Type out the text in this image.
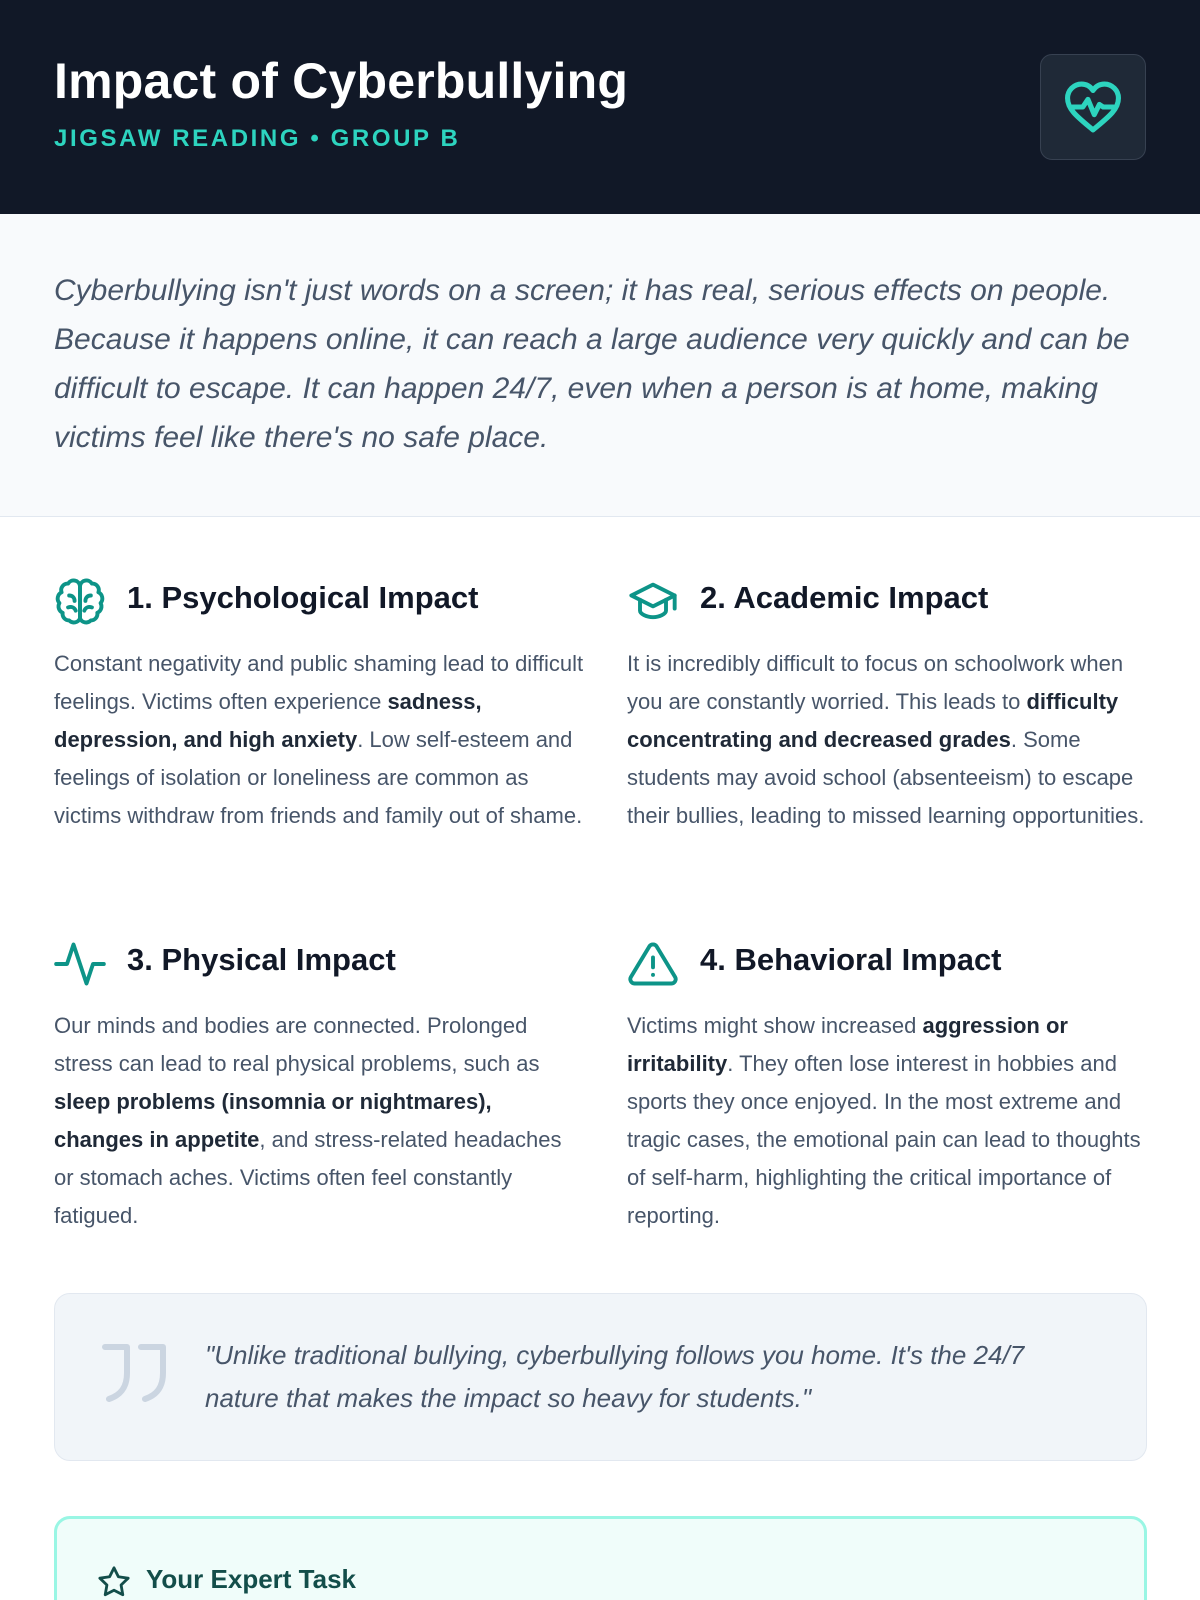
Impact of Cyberbullying
JIGSAW READING • GROUP B

Cyberbullying isn't just words on a screen; it has real, serious effects on people. Because it happens online, it can reach a large audience very quickly and can be difficult to escape. It can happen 24/7, even when a person is at home, making victims feel like there's no safe place.

1. Psychological Impact
Constant negativity and public shaming lead to difficult feelings. Victims often experience sadness, depression, and high anxiety. Low self-esteem and feelings of isolation or loneliness are common as victims withdraw from friends and family out of shame.
2. Academic Impact
It is incredibly difficult to focus on schoolwork when you are constantly worried. This leads to difficulty concentrating and decreased grades. Some students may avoid school (absenteeism) to escape their bullies, leading to missed learning opportunities.
3. Physical Impact
Our minds and bodies are connected. Prolonged stress can lead to real physical problems, such as sleep problems (insomnia or nightmares), changes in appetite, and stress-related headaches or stomach aches. Victims often feel constantly fatigued.
4. Behavioral Impact
Victims might show increased aggression or irritability. They often lose interest in hobbies and sports they once enjoyed. In the most extreme and tragic cases, the emotional pain can lead to thoughts of self-harm, highlighting the critical importance of reporting.
"Unlike traditional bullying, cyberbullying follows you home. It's the 24/7 nature that makes the impact so heavy for students."
Your Expert Task
